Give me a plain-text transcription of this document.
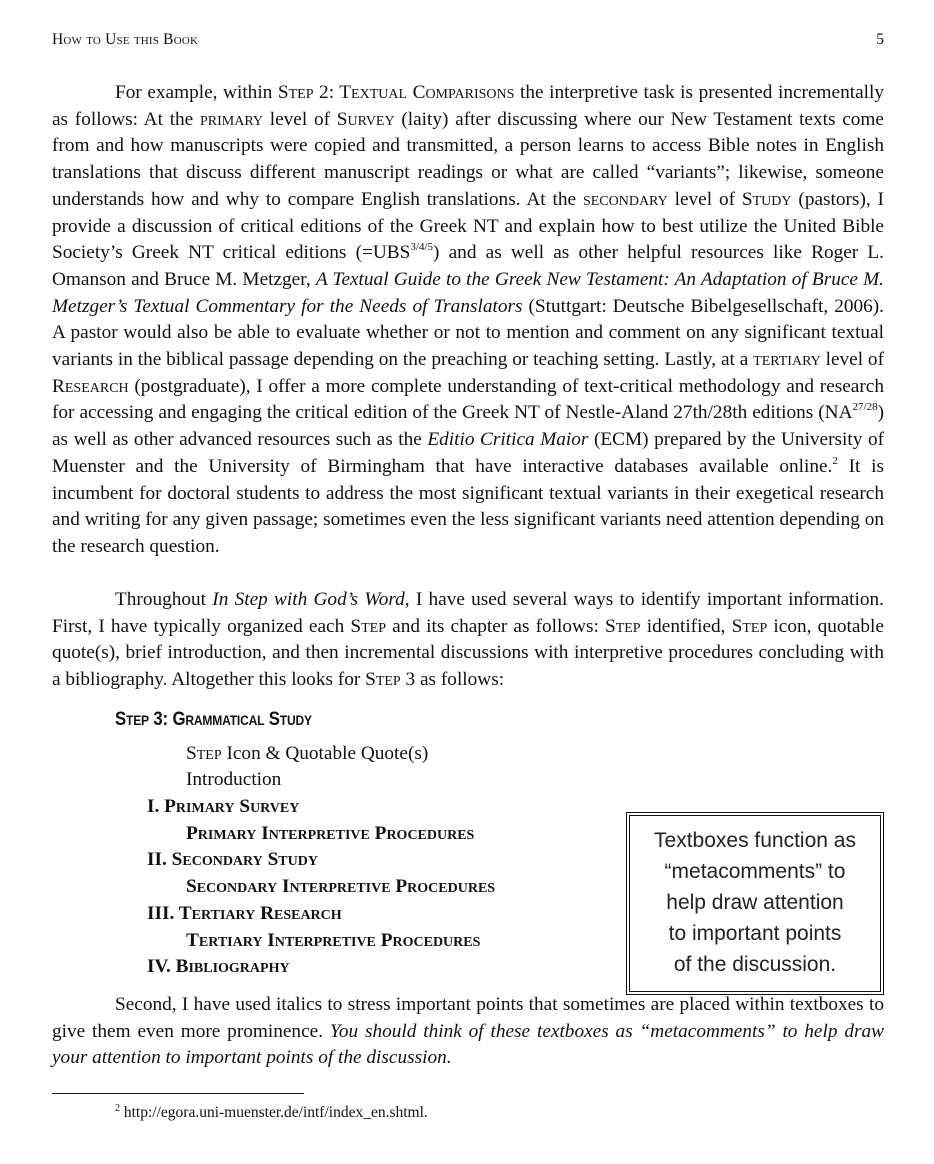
How to Use this Book	5

For example, within Step 2: Textual Comparisons the interpretive task is presented incrementally as follows: At the primary level of Survey (laity) after discussing where our New Testament texts come from and how manuscripts were copied and transmitted, a person learns to access Bible notes in English translations that discuss different manuscript readings or what are called “variants”; likewise, someone understands how and why to compare English translations. At the secondary level of Study (pastors), I provide a discussion of critical editions of the Greek NT and explain how to best utilize the United Bible Society’s Greek NT critical editions $(=UBS^{3/4/5})$ and as well as other helpful resources like Roger L. Omanson and Bruce M. Metzger, A Textual Guide to the Greek New Testament: An Adaptation of Bruce M. Metzger’s Textual Commentary for the Needs of Translators (Stuttgart: Deutsche Bibelgesellschaft, 2006). A pastor would also be able to evaluate whether or not to mention and comment on any significant textual variants in the biblical passage depending on the preaching or teaching setting. Lastly, at a tertiary level of Research (postgraduate), I offer a more complete understanding of text-critical methodology and research for accessing and engaging the critical edition of the Greek NT of Nestle-Aland 27th/28th editions $(NA^{27/28})$ as well as other advanced resources such as the Editio Critica Maior (ECM) prepared by the University of Muenster and the University of Birmingham that have interactive databases available online.$^2$ It is incumbent for doctoral students to address the most significant textual variants in their exegetical research and writing for any given passage; sometimes even the less significant variants need attention depending on the research question.

Throughout In Step with God’s Word, I have used several ways to identify important information. First, I have typically organized each Step and its chapter as follows: Step identified, Step icon, quotable quote(s), brief introduction, and then incremental discussions with interpretive procedures concluding with a bibliography. Altogether this looks for Step 3 as follows:

Step 3: Grammatical Study
Step Icon & Quotable Quote(s)
Introduction
I. Primary Survey
Primary Interpretive Procedures
II. Secondary Study
Secondary Interpretive Procedures
III. Tertiary Research
Tertiary Interpretive Procedures
IV. Bibliography
Textboxes function as
“metacomments” to
help draw attention
to important points
of the discussion.

Second, I have used italics to stress important points that sometimes are placed within textboxes to give them even more prominence. You should think of these textboxes as “metacomments” to help draw your attention to important points of the discussion.

$^2$ http://egora.uni-muenster.de/intf/index_en.shtml.
